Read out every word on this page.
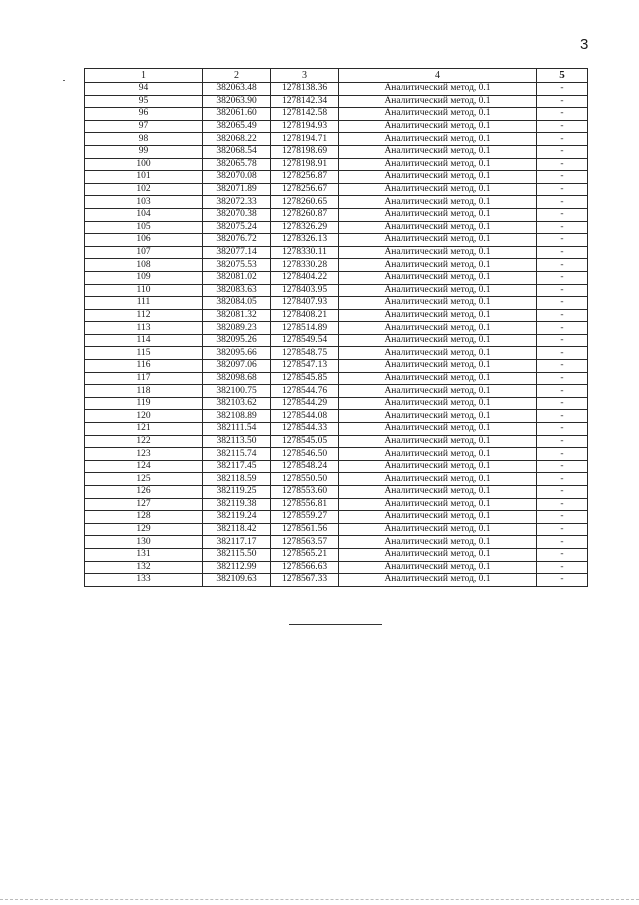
3
1	2	3	4	5
94	382063.48	1278138.36	Аналитический метод, 0.1	-
95	382063.90	1278142.34	Аналитический метод, 0.1	-
96	382061.60	1278142.58	Аналитический метод, 0.1	-
97	382065.49	1278194.93	Аналитический метод, 0.1	-
98	382068.22	1278194.71	Аналитический метод, 0.1	-
99	382068.54	1278198.69	Аналитический метод, 0.1	-
100	382065.78	1278198.91	Аналитический метод, 0.1	-
101	382070.08	1278256.87	Аналитический метод, 0.1	-
102	382071.89	1278256.67	Аналитический метод, 0.1	-
103	382072.33	1278260.65	Аналитический метод, 0.1	-
104	382070.38	1278260.87	Аналитический метод, 0.1	-
105	382075.24	1278326.29	Аналитический метод, 0.1	-
106	382076.72	1278326.13	Аналитический метод, 0.1	-
107	382077.14	1278330.11	Аналитический метод, 0.1	-
108	382075.53	1278330.28	Аналитический метод, 0.1	-
109	382081.02	1278404.22	Аналитический метод, 0.1	-
110	382083.63	1278403.95	Аналитический метод, 0.1	-
111	382084.05	1278407.93	Аналитический метод, 0.1	-
112	382081.32	1278408.21	Аналитический метод, 0.1	-
113	382089.23	1278514.89	Аналитический метод, 0.1	-
114	382095.26	1278549.54	Аналитический метод, 0.1	-
115	382095.66	1278548.75	Аналитический метод, 0.1	-
116	382097.06	1278547.13	Аналитический метод, 0.1	-
117	382098.68	1278545.85	Аналитический метод, 0.1	-
118	382100.75	1278544.76	Аналитический метод, 0.1	-
119	382103.62	1278544.29	Аналитический метод, 0.1	-
120	382108.89	1278544.08	Аналитический метод, 0.1	-
121	382111.54	1278544.33	Аналитический метод, 0.1	-
122	382113.50	1278545.05	Аналитический метод, 0.1	-
123	382115.74	1278546.50	Аналитический метод, 0.1	-
124	382117.45	1278548.24	Аналитический метод, 0.1	-
125	382118.59	1278550.50	Аналитический метод, 0.1	-
126	382119.25	1278553.60	Аналитический метод, 0.1	-
127	382119.38	1278556.81	Аналитический метод, 0.1	-
128	382119.24	1278559.27	Аналитический метод, 0.1	-
129	382118.42	1278561.56	Аналитический метод, 0.1	-
130	382117.17	1278563.57	Аналитический метод, 0.1	-
131	382115.50	1278565.21	Аналитический метод, 0.1	-
132	382112.99	1278566.63	Аналитический метод, 0.1	-
133	382109.63	1278567.33	Аналитический метод, 0.1	-
